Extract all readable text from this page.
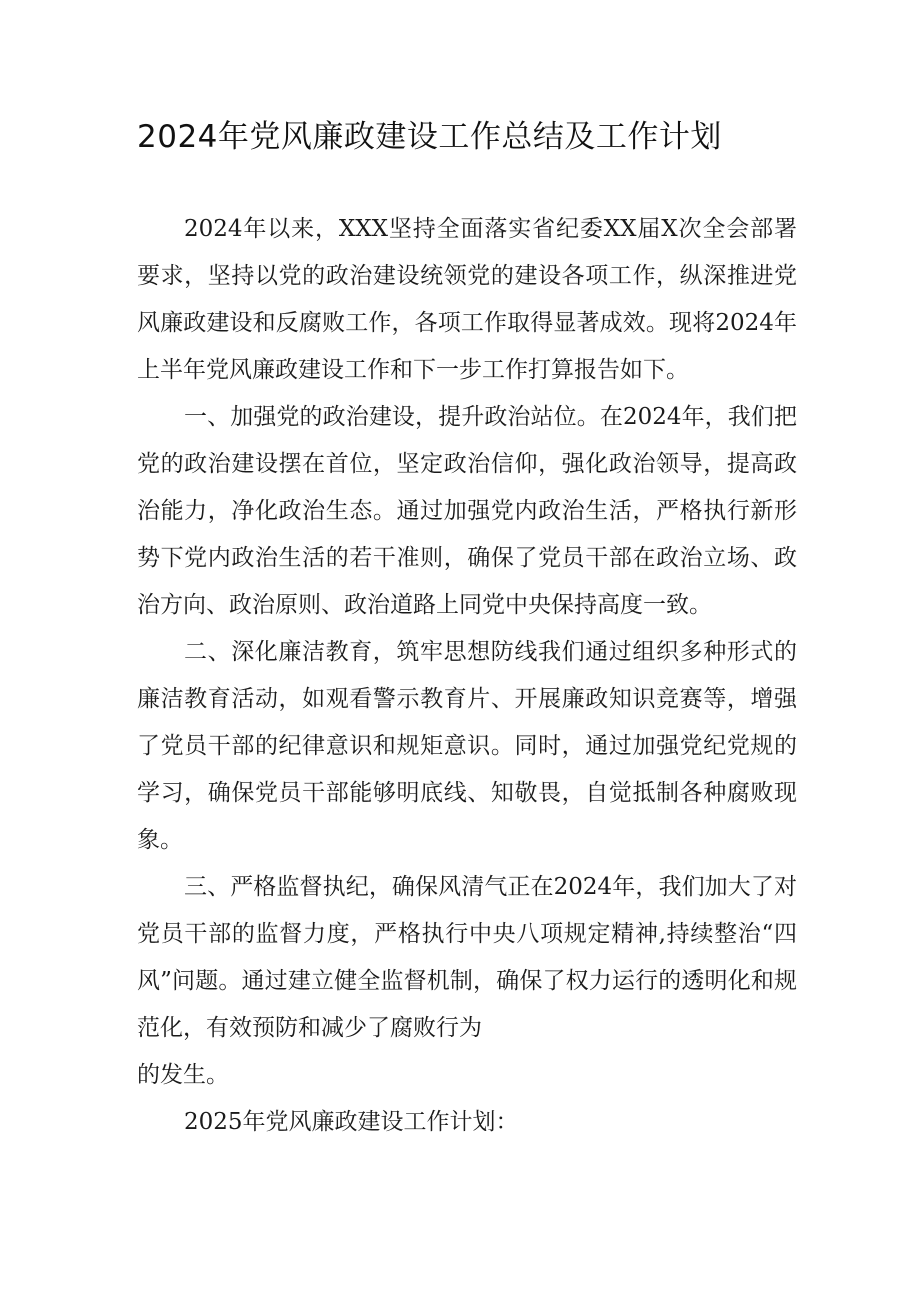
2024年党风廉政建设工作总结及工作计划

2024年以来，XXX坚持全面落实省纪委XX届X次全会部署要求，坚持以党的政治建设统领党的建设各项工作，纵深推进党风廉政建设和反腐败工作，各项工作取得显著成效。现将2024年上半年党风廉政建设工作和下一步工作打算报告如下。

一、加强党的政治建设，提升政治站位。在2024年，我们把党的政治建设摆在首位，坚定政治信仰，强化政治领导，提高政治能力，净化政治生态。通过加强党内政治生活，严格执行新形势下党内政治生活的若干准则，确保了党员干部在政治立场、政治方向、政治原则、政治道路上同党中央保持高度一致。

二、深化廉洁教育，筑牢思想防线我们通过组织多种形式的廉洁教育活动，如观看警示教育片、开展廉政知识竞赛等，增强了党员干部的纪律意识和规矩意识。同时，通过加强党纪党规的学习，确保党员干部能够明底线、知敬畏，自觉抵制各种腐败现象。

三、严格监督执纪，确保风清气正在2024年，我们加大了对党员干部的监督力度，严格执行中央八项规定精神,持续整治“四风”问题。通过建立健全监督机制，确保了权力运行的透明化和规范化，有效预防和减少了腐败行为

的发生。

2025年党风廉政建设工作计划：
